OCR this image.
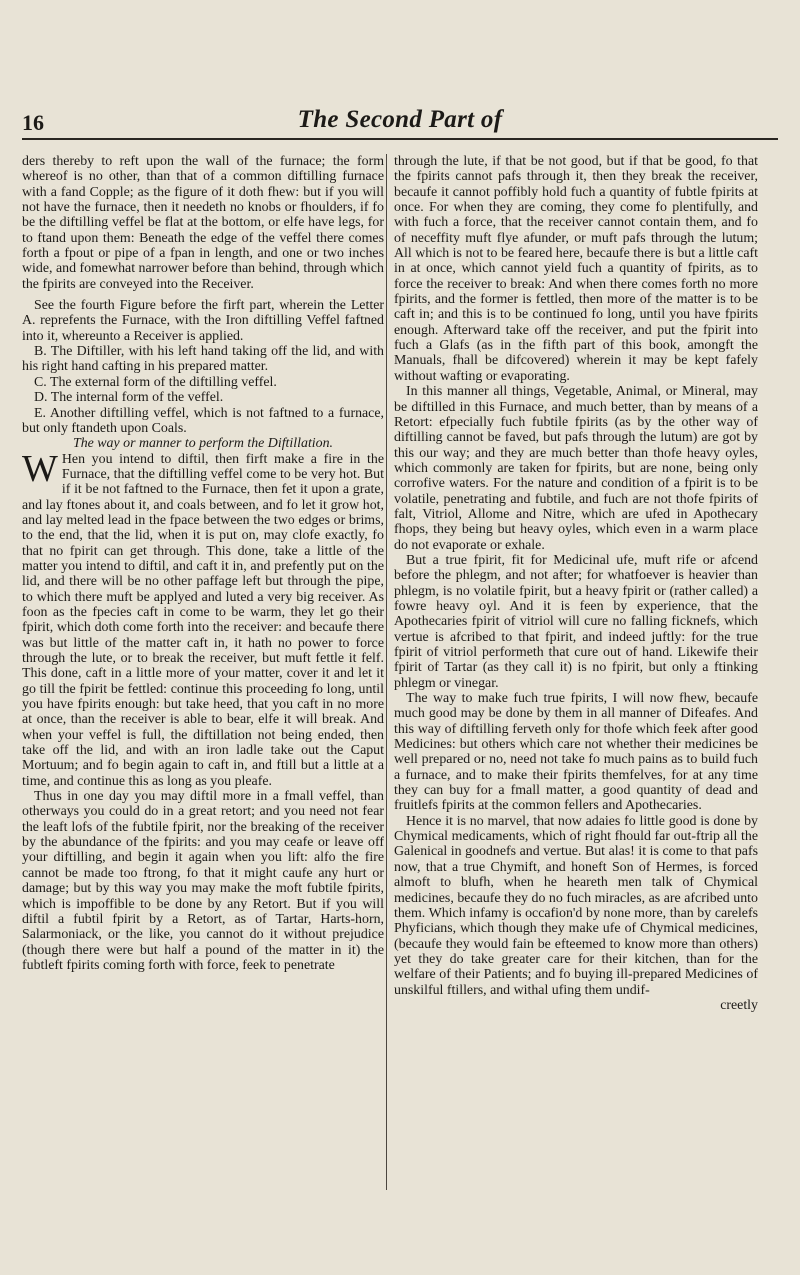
16	The Second Part of

ders thereby to reft upon the wall of the furnace; the form whereof is no other, than that of a common diftilling furnace with a fand Copple; as the figure of it doth fhew: but if you will not have the furnace, then it needeth no knobs or fhoulders, if fo be the diftilling veffel be flat at the bottom, or elfe have legs, for to ftand upon them: Beneath the edge of the veffel there comes forth a fpout or pipe of a fpan in length, and one or two inches wide, and fomewhat narrower before than behind, through which the fpirits are conveyed into the Receiver.

See the fourth Figure before the firft part, wherein the Letter A. reprefents the Furnace, with the Iron diftilling Veffel faftned into it, whereunto a Receiver is applied.

B. The Diftiller, with his left hand taking off the lid, and with his right hand cafting in his prepared matter.

C. The external form of the diftilling veffel.

D. The internal form of the veffel.

E. Another diftilling veffel, which is not faftned to a furnace, but only ftandeth upon Coals.

The way or manner to perform the Diftillation.

WHen you intend to diftil, then firft make a fire in the Furnace, that the diftilling veffel come to be very hot. But if it be not faftned to the Furnace, then fet it upon a grate, and lay ftones about it, and coals between, and fo let it grow hot, and lay melted lead in the fpace between the two edges or brims, to the end, that the lid, when it is put on, may clofe exactly, fo that no fpirit can get through. This done, take a little of the matter you intend to diftil, and caft it in, and prefently put on the lid, and there will be no other paffage left but through the pipe, to which there muft be applyed and luted a very big receiver. As foon as the fpecies caft in come to be warm, they let go their fpirit, which doth come forth into the receiver: and becaufe there was but little of the matter caft in, it hath no power to force through the lute, or to break the receiver, but muft fettle it felf. This done, caft in a little more of your matter, cover it and let it go till the fpirit be fettled: continue this proceeding fo long, until you have fpirits enough: but take heed, that you caft in no more at once, than the receiver is able to bear, elfe it will break. And when your veffel is full, the diftillation not being ended, then take off the lid, and with an iron ladle take out the Caput Mortuum; and fo begin again to caft in, and ftill but a little at a time, and continue this as long as you pleafe.

Thus in one day you may diftil more in a fmall veffel, than otherways you could do in a great retort; and you need not fear the leaft lofs of the fubtile fpirit, nor the breaking of the receiver by the abundance of the fpirits: and you may ceafe or leave off your diftilling, and begin it again when you lift: alfo the fire cannot be made too ftrong, fo that it might caufe any hurt or damage; but by this way you may make the moft fubtile fpirits, which is impoffible to be done by any Retort. But if you will diftil a fubtil fpirit by a Retort, as of Tartar, Harts-horn, Salarmoniack, or the like, you cannot do it without prejudice (though there were but half a pound of the matter in it) the fubtleft fpirits coming forth with force, feek to penetrate

through the lute, if that be not good, but if that be good, fo that the fpirits cannot pafs through it, then they break the receiver, becaufe it cannot poffibly hold fuch a quantity of fubtle fpirits at once. For when they are coming, they come fo plentifully, and with fuch a force, that the receiver cannot contain them, and fo of neceffity muft flye afunder, or muft pafs through the lutum; All which is not to be feared here, becaufe there is but a little caft in at once, which cannot yield fuch a quantity of fpirits, as to force the receiver to break: And when there comes forth no more fpirits, and the former is fettled, then more of the matter is to be caft in; and this is to be continued fo long, until you have fpirits enough. Afterward take off the receiver, and put the fpirit into fuch a Glafs (as in the fifth part of this book, amongft the Manuals, fhall be difcovered) wherein it may be kept fafely without wafting or evaporating.

In this manner all things, Vegetable, Animal, or Mineral, may be diftilled in this Furnace, and much better, than by means of a Retort: efpecially fuch fubtile fpirits (as by the other way of diftilling cannot be faved, but pafs through the lutum) are got by this our way; and they are much better than thofe heavy oyles, which commonly are taken for fpirits, but are none, being only corrofive waters. For the nature and condition of a fpirit is to be volatile, penetrating and fubtile, and fuch are not thofe fpirits of falt, Vitriol, Allome and Nitre, which are ufed in Apothecary fhops, they being but heavy oyles, which even in a warm place do not evaporate or exhale.

But a true fpirit, fit for Medicinal ufe, muft rife or afcend before the phlegm, and not after; for whatfoever is heavier than phlegm, is no volatile fpirit, but a heavy fpirit or (rather called) a fowre heavy oyl. And it is feen by experience, that the Apothecaries fpirit of vitriol will cure no falling ficknefs, which vertue is afcribed to that fpirit, and indeed juftly: for the true fpirit of vitriol performeth that cure out of hand. Likewife their fpirit of Tartar (as they call it) is no fpirit, but only a ftinking phlegm or vinegar.

The way to make fuch true fpirits, I will now fhew, becaufe much good may be done by them in all manner of Difeafes. And this way of diftilling ferveth only for thofe which feek after good Medicines: but others which care not whether their medicines be well prepared or no, need not take fo much pains as to build fuch a furnace, and to make their fpirits themfelves, for at any time they can buy for a fmall matter, a good quantity of dead and fruitlefs fpirits at the common fellers and Apothecaries.

Hence it is no marvel, that now adaies fo little good is done by Chymical medicaments, which of right fhould far out-ftrip all the Galenical in goodnefs and vertue. But alas! it is come to that pafs now, that a true Chymift, and honeft Son of Hermes, is forced almoft to blufh, when he heareth men talk of Chymical medicines, becaufe they do no fuch miracles, as are afcribed unto them. Which infamy is occafion'd by none more, than by carelefs Phyficians, which though they make ufe of Chymical medicines, (becaufe they would fain be efteemed to know more than others) yet they do take greater care for their kitchen, than for the welfare of their Patients; and fo buying ill-prepared Medicines of unskilful ftillers, and withal ufing them undif-

creetly
